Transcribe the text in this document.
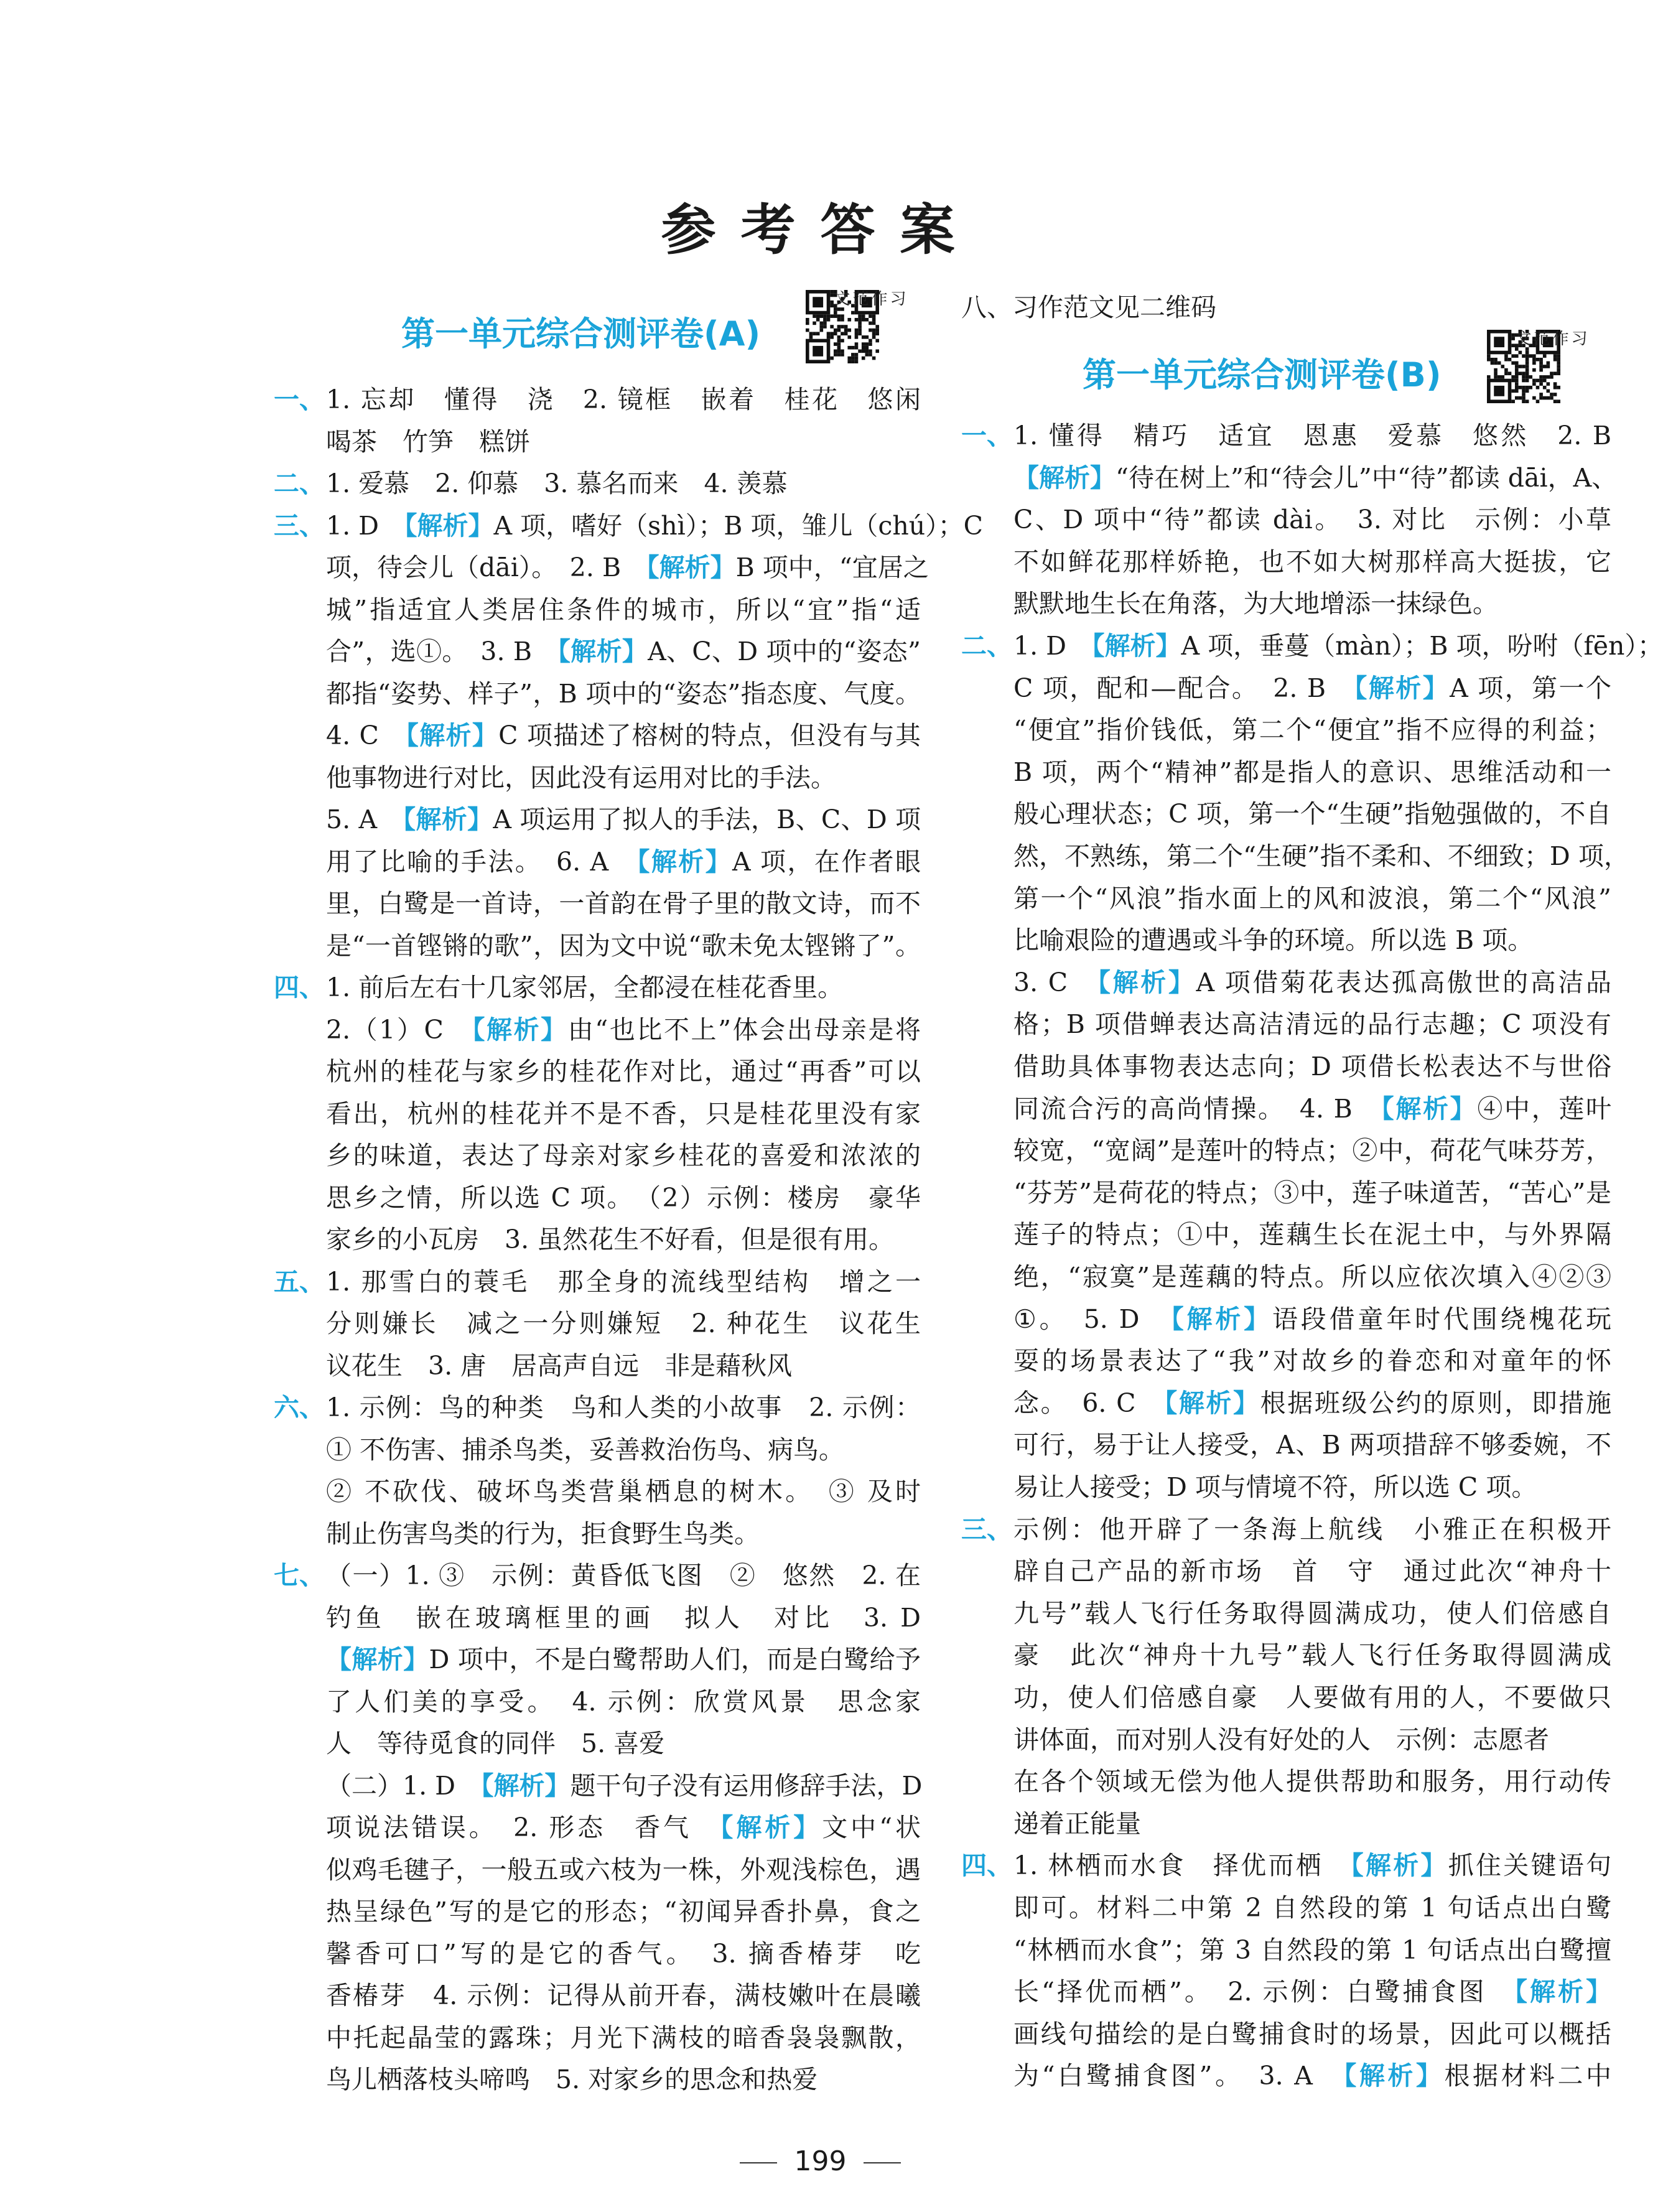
参考答案
第一单元综合测评卷(A)
习作范文
一、 1. 忘却　懂得　浇　2. 镜框　嵌着　桂花　悠闲
喝茶　竹笋　糕饼
二、 1. 爱慕　2. 仰慕　3. 慕名而来　4. 羡慕
三、 1. D　【解析】A 项，嗜好（shì）；B 项，雏儿（chú）；C
项，待会儿（dāi）。　2. B　【解析】B 项中，“宜居之
城”指适宜人类居住条件的城市，所以“宜”指“适
合”，选①。　3. B　【解析】A、C、D 项中的“姿态”
都指“姿势、样子”，B 项中的“姿态”指态度、气度。
4. C　【解析】C 项描述了榕树的特点，但没有与其
他事物进行对比，因此没有运用对比的手法。
5. A　【解析】A 项运用了拟人的手法，B、C、D 项
用了比喻的手法。　6. A　【解析】A 项，在作者眼
里，白鹭是一首诗，一首韵在骨子里的散文诗，而不
是“一首铿锵的歌”，因为文中说“歌未免太铿锵了”。
四、 1. 前后左右十几家邻居，全都浸在桂花香里。
2.（1）C　【解析】由“也比不上”体会出母亲是将
杭州的桂花与家乡的桂花作对比，通过“再香”可以
看出，杭州的桂花并不是不香，只是桂花里没有家
乡的味道，表达了母亲对家乡桂花的喜爱和浓浓的
思乡之情，所以选 C 项。　（2）示例：楼房　豪华
家乡的小瓦房　3. 虽然花生不好看，但是很有用。
五、 1. 那雪白的蓑毛　那全身的流线型结构　增之一
分则嫌长　减之一分则嫌短　2. 种花生　议花生
议花生　3. 唐　居高声自远　非是藉秋风
六、 1. 示例：鸟的种类　鸟和人类的小故事　2. 示例：
① 不伤害、捕杀鸟类，妥善救治伤鸟、病鸟。
② 不砍伐、破坏鸟类营巢栖息的树木。　③ 及时
制止伤害鸟类的行为，拒食野生鸟类。
七、 （一）1. ③　示例：黄昏低飞图　②　悠然　2. 在
钓鱼　嵌在玻璃框里的画　拟人　对比　3. D
【解析】D 项中，不是白鹭帮助人们，而是白鹭给予
了人们美的享受。　4. 示例：欣赏风景　思念家
人　等待觅食的同伴　5. 喜爱
（二）1. D　【解析】题干句子没有运用修辞手法，D
项说法错误。　2. 形态　香气　【解析】文中“状
似鸡毛毽子，一般五或六枝为一株，外观浅棕色，遇
热呈绿色”写的是它的形态；“初闻异香扑鼻，食之
馨香可口”写的是它的香气。　3. 摘香椿芽　吃
香椿芽　4. 示例：记得从前开春，满枝嫩叶在晨曦
中托起晶莹的露珠；月光下满枝的暗香袅袅飘散，
鸟儿栖落枝头啼鸣　5. 对家乡的思念和热爱
八、习作范文见二维码
第一单元综合测评卷(B)
习作范文
一、 1. 懂得　精巧　适宜　恩惠　爱慕　悠然　2. B
【解析】“待在树上”和“待会儿”中“待”都读 dāi，A、
C、D 项中“待”都读 dài。　3. 对比　示例：小草
不如鲜花那样娇艳，也不如大树那样高大挺拔，它
默默地生长在角落，为大地增添一抹绿色。
二、 1. D　【解析】A 项，垂蔓（màn）；B 项，吩咐（fēn）；
C 项，配和—配合。　2. B　【解析】A 项，第一个
“便宜”指价钱低，第二个“便宜”指不应得的利益；
B 项，两个“精神”都是指人的意识、思维活动和一
般心理状态；C 项，第一个“生硬”指勉强做的，不自
然，不熟练，第二个“生硬”指不柔和、不细致；D 项，
第一个“风浪”指水面上的风和波浪，第二个“风浪”
比喻艰险的遭遇或斗争的环境。所以选 B 项。
3. C　【解析】A 项借菊花表达孤高傲世的高洁品
格；B 项借蝉表达高洁清远的品行志趣；C 项没有
借助具体事物表达志向；D 项借长松表达不与世俗
同流合污的高尚情操。　4. B　【解析】④中，莲叶
较宽，“宽阔”是莲叶的特点；②中，荷花气味芬芳，
“芬芳”是荷花的特点；③中，莲子味道苦，“苦心”是
莲子的特点；①中，莲藕生长在泥土中，与外界隔
绝，“寂寞”是莲藕的特点。所以应依次填入④②③
①。　5. D　【解析】语段借童年时代围绕槐花玩
耍的场景表达了“我”对故乡的眷恋和对童年的怀
念。　6. C　【解析】根据班级公约的原则，即措施
可行，易于让人接受，A、B 两项措辞不够委婉，不
易让人接受；D 项与情境不符，所以选 C 项。
三、 示例：他开辟了一条海上航线　小雅正在积极开
辟自己产品的新市场　首　守　通过此次“神舟十
九号”载人飞行任务取得圆满成功，使人们倍感自
豪　此次“神舟十九号”载人飞行任务取得圆满成
功，使人们倍感自豪　人要做有用的人，不要做只
讲体面，而对别人没有好处的人　示例：志愿者
在各个领域无偿为他人提供帮助和服务，用行动传
递着正能量
四、 1. 林栖而水食　择优而栖　【解析】抓住关键语句
即可。材料二中第 2 自然段的第 1 句话点出白鹭
“林栖而水食”；第 3 自然段的第 1 句话点出白鹭擅
长“择优而栖”。　2. 示例：白鹭捕食图　【解析】
画线句描绘的是白鹭捕食时的场景，因此可以概括
为“白鹭捕食图”。　3. A　【解析】根据材料二中
199
